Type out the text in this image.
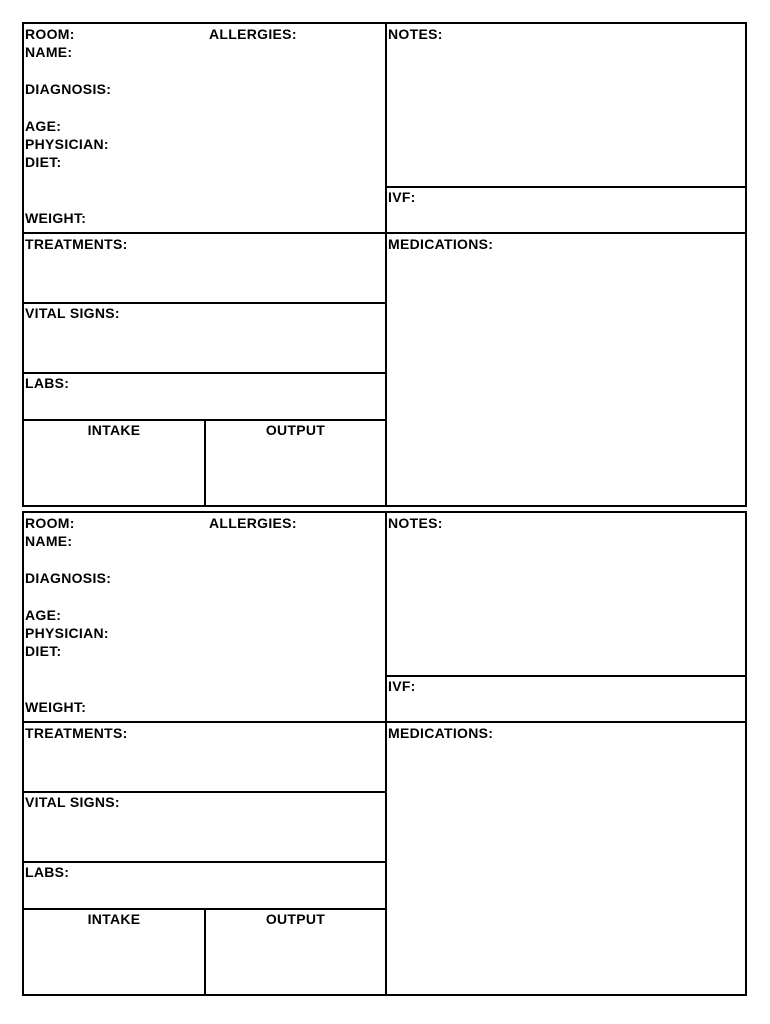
ROOM:	ALLERGIES:
NAME:
DIAGNOSIS:
AGE:
PHYSICIAN:
DIET:
WEIGHT:
NOTES:
IVF:
TREATMENTS:	MEDICATIONS:
VITAL SIGNS:
LABS:
INTAKE	OUTPUT
ROOM:	ALLERGIES:
NAME:
DIAGNOSIS:
AGE:
PHYSICIAN:
DIET:
WEIGHT:
NOTES:
IVF:
TREATMENTS:	MEDICATIONS:
VITAL SIGNS:
LABS:
INTAKE	OUTPUT
